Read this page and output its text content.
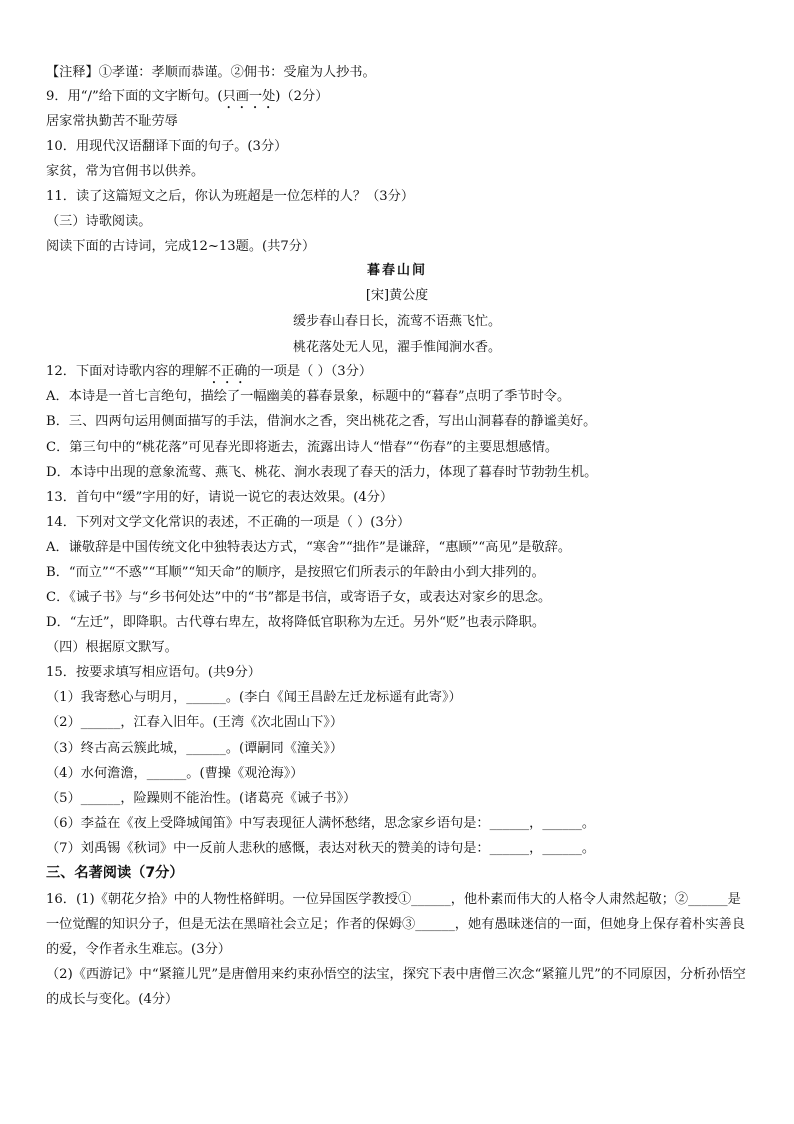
【注释】①孝谨：孝顺而恭谨。②佣书：受雇为人抄书。
9．用“/”给下面的文字断句。(只画一处)（2分）
居家常执勤苦不耻劳辱
10．用现代汉语翻译下面的句子。(3分）
家贫，常为官佣书以供养。
11．读了这篇短文之后，你认为班超是一位怎样的人？（3分）
（三）诗歌阅读。
阅读下面的古诗词，完成12~13题。(共7分）
暮春山间
[宋]黄公度
缓步春山春日长，流莺不语燕飞忙。
桃花落处无人见，濯手惟闻涧水香。
12．下面对诗歌内容的理解不正确的一项是（ ）（3分）
A．本诗是一首七言绝句，描绘了一幅幽美的暮春景象，标题中的“暮春”点明了季节时令。
B．三、四两句运用侧面描写的手法，借涧水之香，突出桃花之香，写出山洞暮春的静谧美好。
C．第三句中的“桃花落”可见春光即将逝去，流露出诗人“惜春”“伤春”的主要思想感情。
D．本诗中出现的意象流莺、燕飞、桃花、涧水表现了春天的活力，体现了暮春时节勃勃生机。
13．首句中“缓”字用的好，请说一说它的表达效果。(4分）
14．下列对文学文化常识的表述，不正确的一项是（ ）(3分）
A．谦敬辞是中国传统文化中独特表达方式，“寒舍”“拙作”是谦辞，“惠顾”“高见”是敬辞。
B．“而立”“不惑”“耳顺”“知天命”的顺序，是按照它们所表示的年龄由小到大排列的。
C．《诫子书》与“乡书何处达”中的“书”都是书信，或寄语子女，或表达对家乡的思念。
D．“左迁”，即降职。古代尊右卑左，故将降低官职称为左迁。另外“贬”也表示降职。
（四）根据原文默写。
15．按要求填写相应语句。(共9分）
（1）我寄愁心与明月，______。(李白《闻王昌龄左迁龙标遥有此寄》）
（2）______，江春入旧年。(王湾《次北固山下》）
（3）终古高云簇此城，______。(谭嗣同《潼关》）
（4）水何澹澹，______。(曹操《观沧海》）
（5）______，险躁则不能治性。(诸葛亮《诫子书》）
（6）李益在《夜上受降城闻笛》中写表现征人满怀愁绪，思念家乡语句是：______，______。
（7）刘禹锡《秋词》中一反前人悲秋的感慨，表达对秋天的赞美的诗句是：______，______。
三、名著阅读（7分）
16．(1)《朝花夕拾》中的人物性格鲜明。一位异国医学教授①______，他朴素而伟大的人格令人肃然起敬；②______是一位觉醒的知识分子，但是无法在黑暗社会立足；作者的保姆③______，她有愚昧迷信的一面，但她身上保存着朴实善良的爱，令作者永生难忘。(3分）
（2)《西游记》中“紧箍儿咒”是唐僧用来约束孙悟空的法宝，探究下表中唐僧三次念“紧箍儿咒”的不同原因，分析孙悟空的成长与变化。(4分）
